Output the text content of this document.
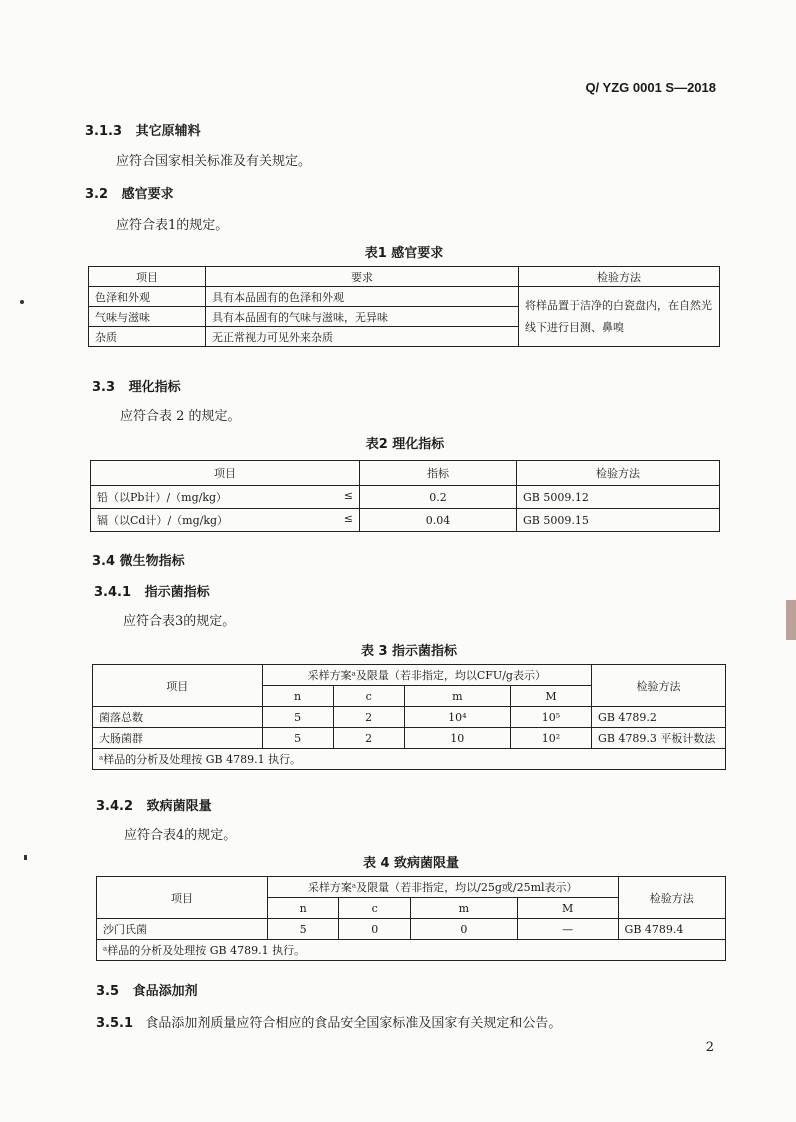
Q/ YZG 0001 S—2018
3.1.3 其它原辅料
应符合国家相关标准及有关规定。
3.2 感官要求
应符合表1的规定。
表1 感官要求
项目	要求	检验方法
色泽和外观	具有本品固有的色泽和外观	将样品置于洁净的白瓷盘内，在自然光线下进行目测、鼻嗅
气味与滋味	具有本品固有的气味与滋味，无异味	
杂质	无正常视力可见外来杂质	
3.3 理化指标
应符合表 2 的规定。
表2 理化指标
项目	指标	检验方法
铅（以Pb计）/（mg/kg） ≤	0.2	GB 5009.12
镉（以Cd计）/（mg/kg） ≤	0.04	GB 5009.15
3.4 微生物指标
3.4.1 指示菌指标
应符合表3的规定。
表 3 指示菌指标
项目	采样方案ᵃ及限量（若非指定，均以CFU/g表示）				检验方法
	n	c	m	M	
菌落总数	5	2	10⁴	10⁵	GB 4789.2
大肠菌群	5	2	10	10²	GB 4789.3 平板计数法
ᵃ样品的分析及处理按 GB 4789.1 执行。					
3.4.2 致病菌限量
应符合表4的规定。
表 4 致病菌限量
项目	采样方案ᵃ及限量（若非指定，均以/25g或/25ml表示）				检验方法
	n	c	m	M	
沙门氏菌	5	0	0	—	GB 4789.4
ᵃ样品的分析及处理按 GB 4789.1 执行。					
3.5 食品添加剂
3.5.1 食品添加剂质量应符合相应的食品安全国家标准及国家有关规定和公告。
2
